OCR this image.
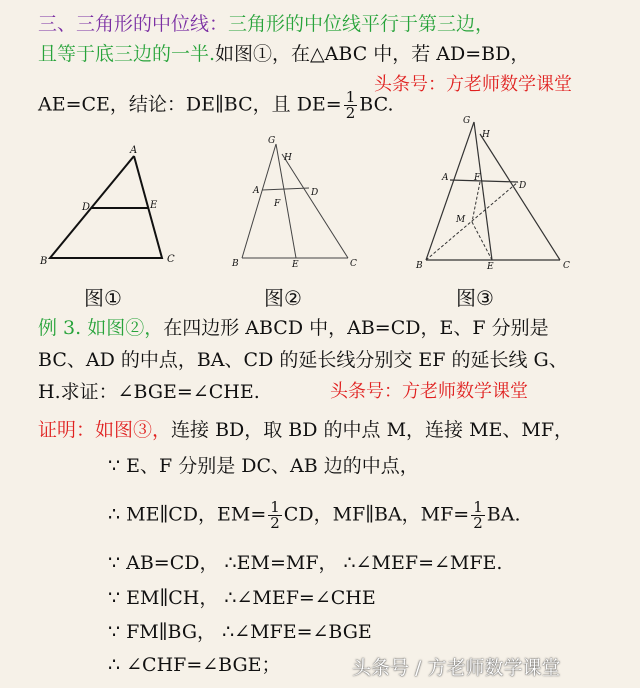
三、三角形的中位线：三角形的中位线平行于第三边，
且等于底三边的一半.如图①，在△ABC 中，若 AD=BD，
头条号：方老师数学课堂
AE=CE，结论：DE∥BC，且 $DE= \frac{1}{2}$ BC.
A
D	E
B	C
图①
G
H
A	D
F
B	E	C
图②
G
H
A	F
D
M
B	E	C
图③
例 3. 如图②，在四边形 ABCD 中，AB=CD，E、F 分别是
BC、AD 的中点，BA、CD 的延长线分别交 EF 的延长线 G、
H.求证：∠BGE=∠CHE.	头条号：方老师数学课堂
证明：如图③，连接 BD，取 BD 的中点 M，连接 ME、MF，
∵ E、F 分别是 DC、AB 边的中点，
∴ ME∥CD，$EM= \frac{1}{2}$ CD，MF∥BA，$MF= \frac{1}{2}$ BA.
∵ AB=CD， ∴EM=MF， ∴∠MEF=∠MFE.
∵ EM∥CH， ∴∠MEF=∠CHE
∵ FM∥BG， ∴∠MFE=∠BGE
∴ ∠CHF=∠BGE；	头条号 / 方老师数学课堂
